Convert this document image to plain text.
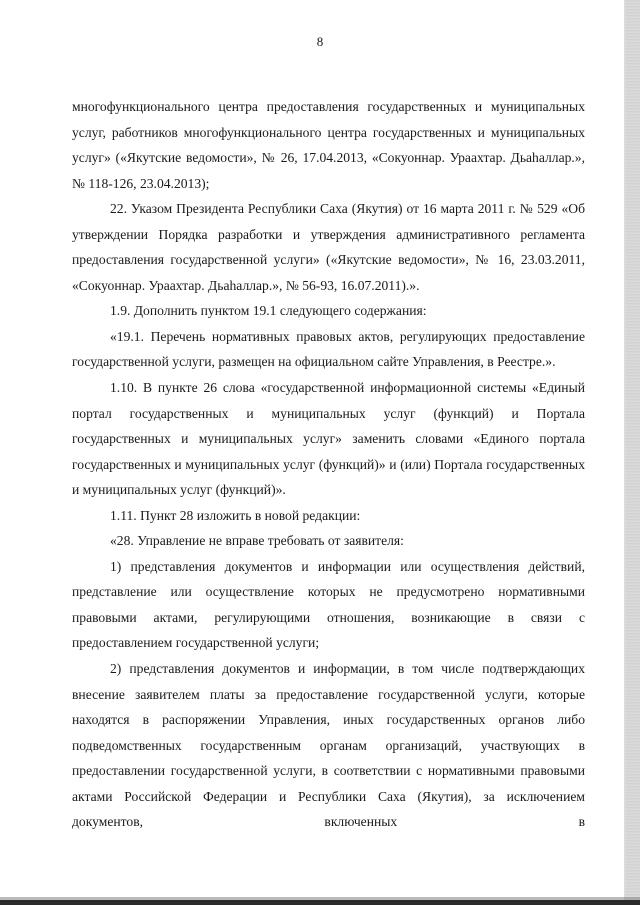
8

многофункционального центра предоставления государственных и муниципальных услуг, работников многофункционального центра государственных и муниципальных услуг» («Якутские ведомости», № 26, 17.04.2013, «Сокуоннар. Ураахтар. Дьаһаллар.», № 118-126, 23.04.2013);

22. Указом Президента Республики Саха (Якутия) от 16 марта 2011 г. № 529 «Об утверждении Порядка разработки и утверждения административного регламента предоставления государственной услуги» («Якутские ведомости», № 16, 23.03.2011, «Сокуоннар. Ураахтар. Дьаһаллар.», № 56-93, 16.07.2011).».

1.9. Дополнить пунктом 19.1 следующего содержания:

«19.1. Перечень нормативных правовых актов, регулирующих предоставление государственной услуги, размещен на официальном сайте Управления, в Реестре.».

1.10. В пункте 26 слова «государственной информационной системы «Единый портал государственных и муниципальных услуг (функций) и Портала государственных и муниципальных услуг» заменить словами «Единого портала государственных и муниципальных услуг (функций)» и (или) Портала государственных и муниципальных услуг (функций)».

1.11. Пункт 28 изложить в новой редакции:

«28. Управление не вправе требовать от заявителя:

1) представления документов и информации или осуществления действий, представление или осуществление которых не предусмотрено нормативными правовыми актами, регулирующими отношения, возникающие в связи с предоставлением государственной услуги;

2) представления документов и информации, в том числе подтверждающих внесение заявителем платы за предоставление государственной услуги, которые находятся в распоряжении Управления, иных государственных органов либо подведомственных государственным органам организаций, участвующих в предоставлении государственной услуги, в соответствии с нормативными правовыми актами Российской Федерации и Республики Саха (Якутия), за исключением документов, включенных в
